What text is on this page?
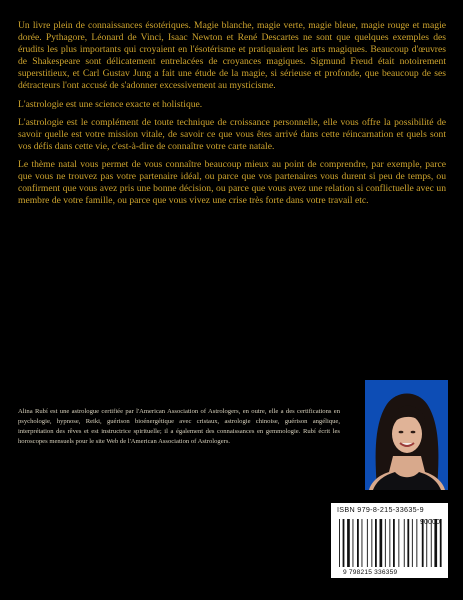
Un livre plein de connaissances ésotériques. Magie blanche, magie verte, magie bleue, magie rouge et magie dorée. Pythagore, Léonard de Vinci, Isaac Newton et René Descartes ne sont que quelques exemples des érudits les plus importants qui croyaient en l'ésotérisme et pratiquaient les arts magiques. Beaucoup d'œuvres de Shakespeare sont délicatement entrelacées de croyances magiques. Sigmund Freud était notoirement superstitieux, et Carl Gustav Jung a fait une étude de la magie, si sérieuse et profonde, que beaucoup de ses détracteurs l'ont accusé de s'adonner excessivement au mysticisme.

L'astrologie est une science exacte et holistique.

L'astrologie est le complément de toute technique de croissance personnelle, elle vous offre la possibilité de savoir quelle est votre mission vitale, de savoir ce que vous êtes arrivé dans cette réincarnation et quels sont vos défis dans cette vie, c'est-à-dire de connaître votre carte natale.

Le thème natal vous permet de vous connaître beaucoup mieux au point de comprendre, par exemple, parce que vous ne trouvez pas votre partenaire idéal, ou parce que vos partenaires vous durent si peu de temps, ou confirment que vous avez pris une bonne décision, ou parce que vous avez une relation si conflictuelle avec un membre de votre famille, ou parce que vous vivez une crise très forte dans votre travail etc.

Alina Rubí est une astrologue certifiée par l'American Association of Astrologers, en outre, elle a des certifications en psychologie, hypnose, Reiki, guérison bioénergétique avec cristaux, astrologie chinoise, guérison angélique, interprétation des rêves et est instructrice spirituelle; il a également des connaissances en gemmologie. Rubí écrit les horoscopes mensuels pour le site Web de l'American Association of Astrologers.
ISBN 979-8-215-33635-9
90000
9 798215 336359
